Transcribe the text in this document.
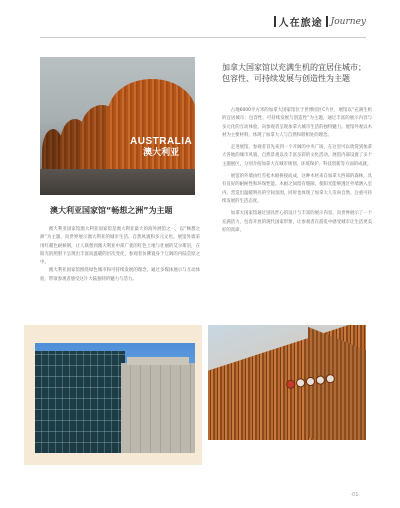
人在旅途 Journey
AUSTRALIA
澳大利亚
澳大利亚国家馆“畅想之洲”为主题

澳大利亚国家馆澳大利亚国家馆是澳大利亚最大的海外展馆之一，以“畅想之洲”为主题，向世界展示澳大利亚的城市生活、自然风貌和多元文化。展馆外墙采用红赭色耐候钢，让人联想到澳大利亚中部广袤的红色土地与壮丽的艾尔斯岩，在阳光的照射下呈现出丰富而温暖的层次变化，参观者仿佛置身于辽阔的内陆荒原之中。

澳大利亚国家馆围绕绿色城市和可持续发展的理念，通过多媒体展示与互动体验，带领参观者感受这片大陆独特的魅力与活力。

加拿大国家馆以充满生机的宜居住城市；包容性、可持续发展与创造性为主题

占地6000平方米的加拿大国家馆位于世博园区C片区，展馆以“充满生机的宜居城市：包容性、可持续发展与创造性”为主题，通过丰富的展示内容与多元化的互动体验，向参观者呈现加拿大城市生活的独特魅力。展馆外观以木材为主要材料，体现了加拿大人与自然和谐相处的理念。

走进展馆，参观者首先来到一个开阔的中央广场，在这里可以欣赏到加拿大各地的城市风貌、自然景观以及丰富多彩的文化活动。展馆内部设置了多个主题展区，分别介绍加拿大在城市规划、环境保护、科技创新等方面的成就。

展馆的外墙由红雪松木板拼接而成，这种木材来自加拿大西部的森林，具有良好的耐候性和环保性能。木板之间留有缝隙，使阳光能够透过外墙洒入室内，营造出温暖明亮的空间氛围，同时也体现了加拿大人崇尚自然、注重可持续发展的生活态度。

加拿大国家馆通过别具匠心的设计与丰富的展示内容，向世界展示了一个充满活力、包容开放的现代国家形象，让参观者在游览中感受城市让生活更美好的真谛。

·01·
